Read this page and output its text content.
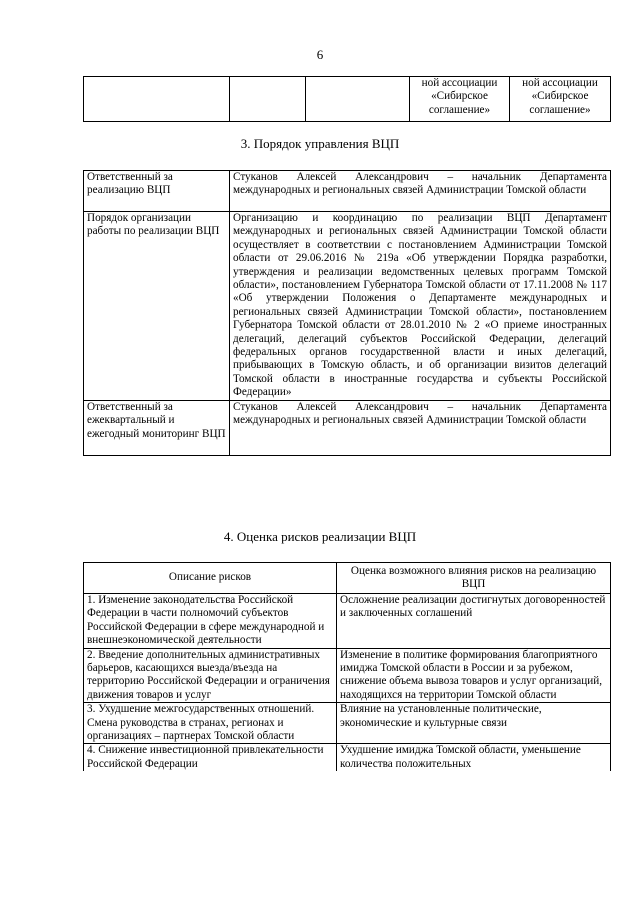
6
			ной ассоциации «Сибирское соглашение»	ной ассоциации «Сибирское соглашение»
3. Порядок управления ВЦП
Ответственный за реализацию ВЦП	Стуканов Алексей Александрович – начальник Департамента международных и региональных связей Администрации Томской области
Порядок организации работы по реализации ВЦП	Организацию и координацию по реализации ВЦП Департамент международных и региональных связей Администрации Томской области осуществляет в соответствии с постановлением Администрации Томской области от 29.06.2016 № 219а «Об утверждении Порядка разработки, утверждения и реализации ведомственных целевых программ Томской области», постановлением Губернатора Томской области от 17.11.2008 № 117 «Об утверждении Положения о Департаменте международных и региональных связей Администрации Томской области», постановлением Губернатора Томской области от 28.01.2010 № 2 «О приеме иностранных делегаций, делегаций субъектов Российской Федерации, делегаций федеральных органов государственной власти и иных делегаций, прибывающих в Томскую область, и об организации визитов делегаций Томской области в иностранные государства и субъекты Российской Федерации»
Ответственный за ежеквартальный и ежегодный мониторинг ВЦП	Стуканов Алексей Александрович – начальник Департамента международных и региональных связей Администрации Томской области
4. Оценка рисков реализации ВЦП
Описание рисков	Оценка возможного влияния рисков на реализацию ВЦП
1. Изменение законодательства Российской Федерации в части полномочий субъектов Российской Федерации в сфере международной и внешнеэкономической деятельности	Осложнение реализации достигнутых договоренностей и заключенных соглашений
2. Введение дополнительных административных барьеров, касающихся выезда/въезда на территорию Российской Федерации и ограничения движения товаров и услуг	Изменение в политике формирования благоприятного имиджа Томской области в России и за рубежом, снижение объема вывоза товаров и услуг организаций, находящихся на территории Томской области
3. Ухудшение межгосударственных отношений. Смена руководства в странах, регионах и организациях – партнерах Томской области	Влияние на установленные политические, экономические и культурные связи
4. Снижение инвестиционной привлекательности Российской Федерации	Ухудшение имиджа Томской области, уменьшение количества положительных
